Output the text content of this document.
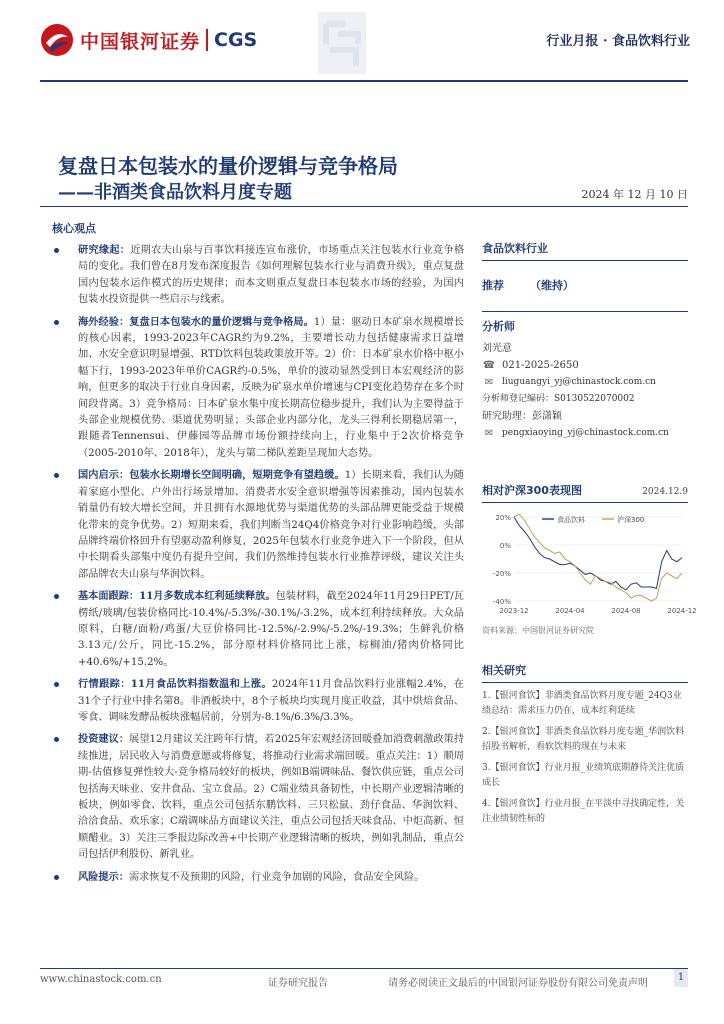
中国银河证券 CGS	行业月报 · 食品饮料行业
复盘日本包装水的量价逻辑与竞争格局
——非酒类食品饮料月度专题	2024 年 12 月 10 日
核心观点
研究缘起：近期农夫山泉与百事饮料接连宣布涨价，市场重点关注包装水行业竞争格局的变化。我们曾在8月发布深度报告《如何理解包装水行业与消费升级》，重点复盘国内包装水运作模式的历史规律；而本文则重点复盘日本包装水市场的经验，为国内包装水投资提供一些启示与线索。
海外经验：复盘日本包装水的量价逻辑与竞争格局。1）量：驱动日本矿泉水规模增长的核心因素，1993-2023年CAGR约为9.2%，主要增长动力包括健康需求日益增加、水安全意识明显增强、RTD饮料包装政策放开等。2）价：日本矿泉水价格中枢小幅下行，1993-2023年单价CAGR约-0.5%，单价的波动显然受到日本宏观经济的影响，但更多的取决于行业自身因素，反映为矿泉水单价增速与CPI变化趋势存在多个时间段背离。3）竞争格局：日本矿泉水集中度长期高位稳步提升，我们认为主要得益于头部企业规模优势、渠道优势明显；头部企业内部分化，龙头三得利长期稳居第一，跟随者Tennensui、伊藤园等品牌市场份额持续向上，行业集中于2次价格竞争（2005-2010年、2018年），龙头与第二梯队差距呈现加大态势。
国内启示：包装水长期增长空间明确，短期竞争有望趋缓。1）长期来看，我们认为随着家庭小型化、户外出行场景增加、消费者水安全意识增强等因素推动，国内包装水销量仍有较大增长空间，并且拥有水源地优势与渠道优势的头部品牌更能受益于规模化带来的竞争优势。2）短期来看，我们判断当24Q4价格竞争对行业影响趋缓，头部品牌终端价格回升有望驱动盈利修复，2025年包装水行业竞争进入下一个阶段，但从中长期看头部集中度仍有提升空间，我们仍然维持包装水行业推荐评级，建议关注头部品牌农夫山泉与华润饮料。
基本面跟踪：11月多数成本红利延续释放。包装材料，截至2024年11月29日PET/瓦楞纸/玻璃/包装价格同比-10.4%/-5.3%/-30.1%/-3.2%，成本红利持续释放。大众品原料，白糖/面粉/鸡蛋/大豆价格同比-12.5%/-2.9%/-5.2%/-19.3%；生鲜乳价格3.13元/公斤，同比-15.2%，部分原材料价格同比上涨，棕榈油/猪肉价格同比+40.6%/+15.2%。
行情跟踪：11月食品饮料指数温和上涨。2024年11月食品饮料行业涨幅2.4%，在31个子行业中排名第8。非酒板块中，8个子板块均实现月度正收益，其中烘焙食品、零食、调味发酵品板块涨幅居前，分别为-8.1%/6.3%/3.3%。
投资建议：展望12月建议关注跨年行情，若2025年宏观经济回暖叠加消费刺激政策持续推进，居民收入与消费意愿或将修复，将推动行业需求端回暖。重点关注：1）顺周期-估值修复弹性较大-竞争格局较好的板块，例如B端调味品、餐饮供应链，重点公司包括海天味业、安井食品、宝立食品。2）C端业绩具备韧性，中长期产业逻辑清晰的板块，例如零食、饮料，重点公司包括东鹏饮料、三只松鼠、劲仔食品、华润饮料、洽洽食品、欢乐家；C端调味品方面建议关注，重点公司包括天味食品、中炬高新、恒顺醋业。3）关注三季报边际改善+中长期产业逻辑清晰的板块，例如乳制品，重点公司包括伊利股份、新乳业。
风险提示：需求恢复不及预期的风险，行业竞争加剧的风险，食品安全风险。
食品饮料行业
推荐 （维持）
分析师
刘光意
☎ 021-2025-2650
✉ liuguangyi_yj@chinastock.com.cn
分析师登记编码：S0130522070002
研究助理：彭潇颖
✉ pengxiaoying_yj@chinastock.com.cn
相对沪深300表现图	2024.12.9
20%
0%
-20%
-40%
2023-12	2024-04	2024-08	2024-12
食品饮料	沪深300
资料来源：中国银河证券研究院
相关研究
1.【银河食饮】非酒类食品饮料月度专题_24Q3业绩总结：需求压力仍在，成本红利延续
2.【银河食饮】非酒类食品饮料月度专题_华润饮料招股书解析，看软饮料的现在与未来
3.【银河食饮】行业月报_业绩筑底期静待关注优质成长
4.【银河食饮】行业月报_在平淡中寻找确定性，关注业绩韧性标的
www.chinastock.com.cn	证券研究报告	请务必阅读正文最后的中国银河证券股份有限公司免责声明
1
